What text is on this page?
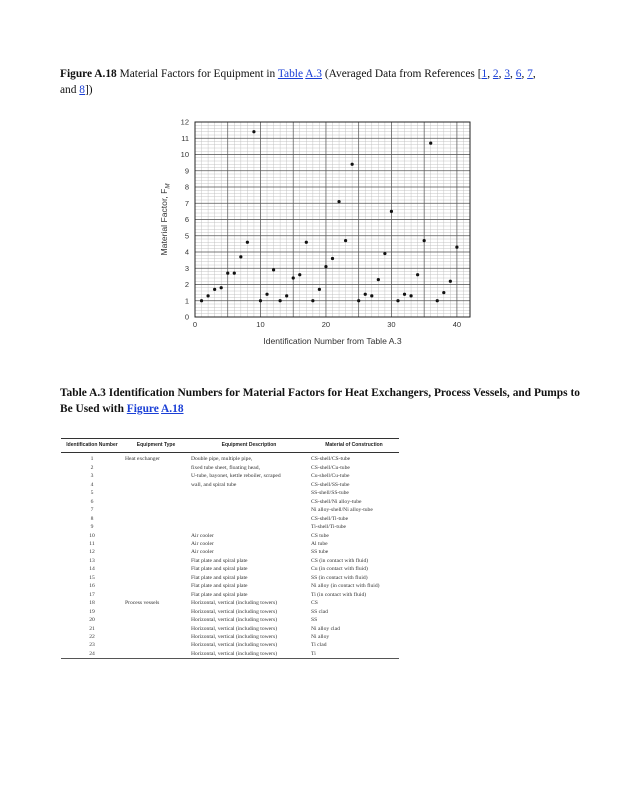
Figure A.18 Material Factors for Equipment in Table A.3 (Averaged Data from References [1, 2, 3, 6, 7,
and 8])
0	10	20	30	40
0
1
2
3
4
5
6
7
8
9
10
11
12
Identification Number from Table A.3
Material Factor, $F_M$
Table A.3 Identification Numbers for Material Factors for Heat Exchangers, Process Vessels, and Pumps to Be Used with Figure A.18
Identification Number	Equipment Type	Equipment Description	Material of Construction
1	Heat exchanger	Double pipe, multiple pipe,	CS-shell/CS-tube
2		fixed tube sheet, floating head,	CS-shell/Cu-tube
3		U-tube, bayonet, kettle reboiler, scraped	Cu-shell/Cu-tube
4		wall, and spiral tube	CS-shell/SS-tube
5			SS-shell/SS-tube
6			CS-shell/Ni alloy-tube
7			Ni alloy-shell/Ni alloy-tube
8			CS-shell/Ti-tube
9			Ti-shell/Ti-tube
10		Air cooler	CS tube
11		Air cooler	Al tube
12		Air cooler	SS tube
13		Flat plate and spiral plate	CS (in contact with fluid)
14		Flat plate and spiral plate	Cu (in contact with fluid)
15		Flat plate and spiral plate	SS (in contact with fluid)
16		Flat plate and spiral plate	Ni alloy (in contact with fluid)
17		Flat plate and spiral plate	Ti (in contact with fluid)
18	Process vessels	Horizontal, vertical (including towers)	CS
19		Horizontal, vertical (including towers)	SS clad
20		Horizontal, vertical (including towers)	SS
21		Horizontal, vertical (including towers)	Ni alloy clad
22		Horizontal, vertical (including towers)	Ni alloy
23		Horizontal, vertical (including towers)	Ti clad
24		Horizontal, vertical (including towers)	Ti
